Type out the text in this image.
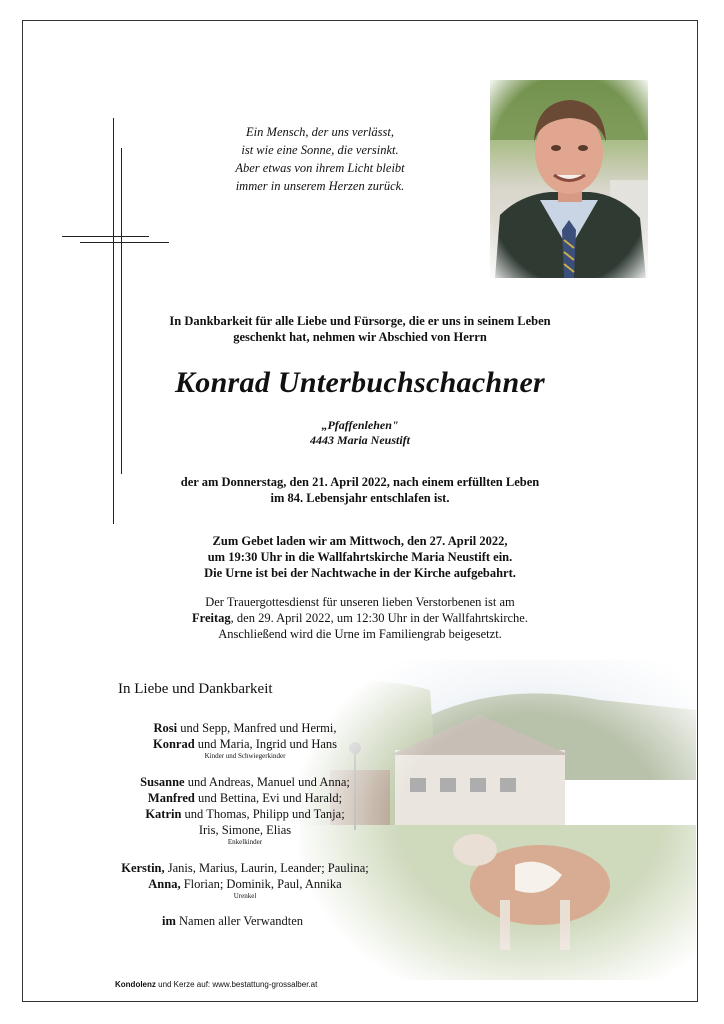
Ein Mensch, der uns verlässt,
ist wie eine Sonne, die versinkt.
Aber etwas von ihrem Licht bleibt
immer in unserem Herzen zurück.
In Dankbarkeit für alle Liebe und Fürsorge, die er uns in seinem Leben
geschenkt hat, nehmen wir Abschied von Herrn
Konrad Unterbuchschachner
„Pfaffenlehen"
4443 Maria Neustift
der am Donnerstag, den 21. April 2022, nach einem erfüllten Leben
im 84. Lebensjahr entschlafen ist.
Zum Gebet laden wir am Mittwoch, den 27. April 2022,
um 19:30 Uhr in die Wallfahrtskirche Maria Neustift ein.
Die Urne ist bei der Nachtwache in der Kirche aufgebahrt.
Der Trauergottesdienst für unseren lieben Verstorbenen ist am
Freitag, den 29. April 2022, um 12:30 Uhr in der Wallfahrtskirche.
Anschließend wird die Urne im Familiengrab beigesetzt.
In Liebe und Dankbarkeit
Rosi und Sepp, Manfred und Hermi,
Konrad und Maria, Ingrid und Hans
Kinder und Schwiegerkinder
Susanne und Andreas, Manuel und Anna;
Manfred und Bettina, Evi und Harald;
Katrin und Thomas, Philipp und Tanja;
Iris, Simone, Elias
Enkelkinder
Kerstin, Janis, Marius, Laurin, Leander; Paulina;
Anna, Florian; Dominik, Paul, Annika
Urenkel
im Namen aller Verwandten
Kondolenz und Kerze auf: www.bestattung-grossalber.at
